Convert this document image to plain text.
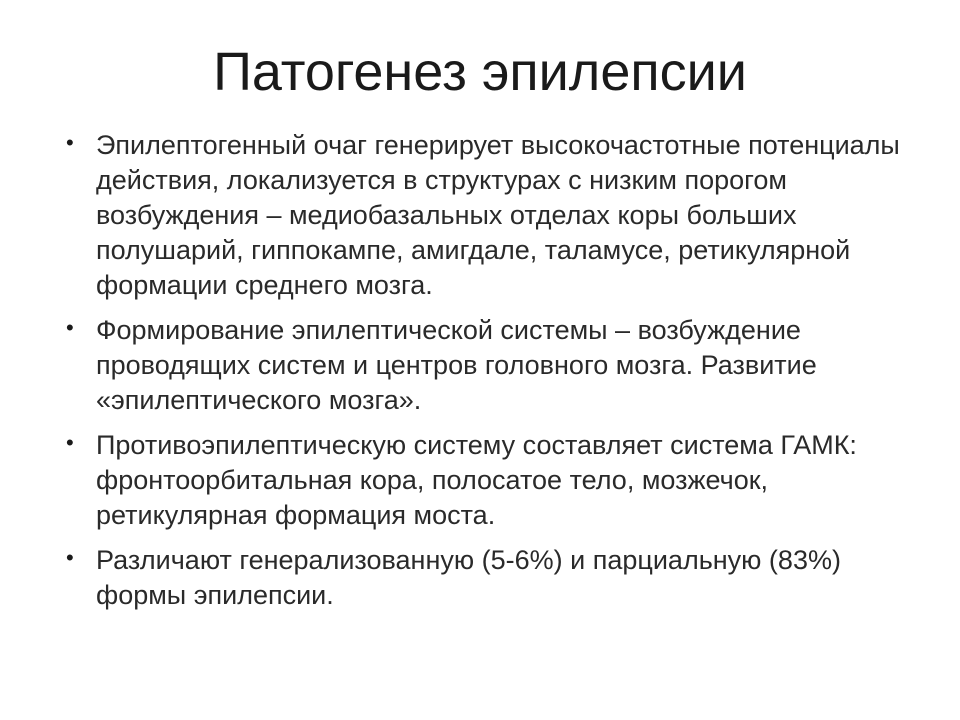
Патогенез эпилепсии
• Эпилептогенный очаг генерирует высокочастотные потенциалы действия, локализуется в структурах с низким порогом возбуждения – медиобазальных отделах коры больших полушарий, гиппокампе, амигдале, таламусе, ретикулярной формации среднего мозга.
• Формирование эпилептической системы – возбуждение проводящих систем и центров головного мозга. Развитие «эпилептического мозга».
• Противоэпилептическую систему составляет система ГАМК: фронтоорбитальная кора, полосатое тело, мозжечок, ретикулярная формация моста.
• Различают генерализованную (5-6%) и парциальную (83%) формы эпилепсии.
